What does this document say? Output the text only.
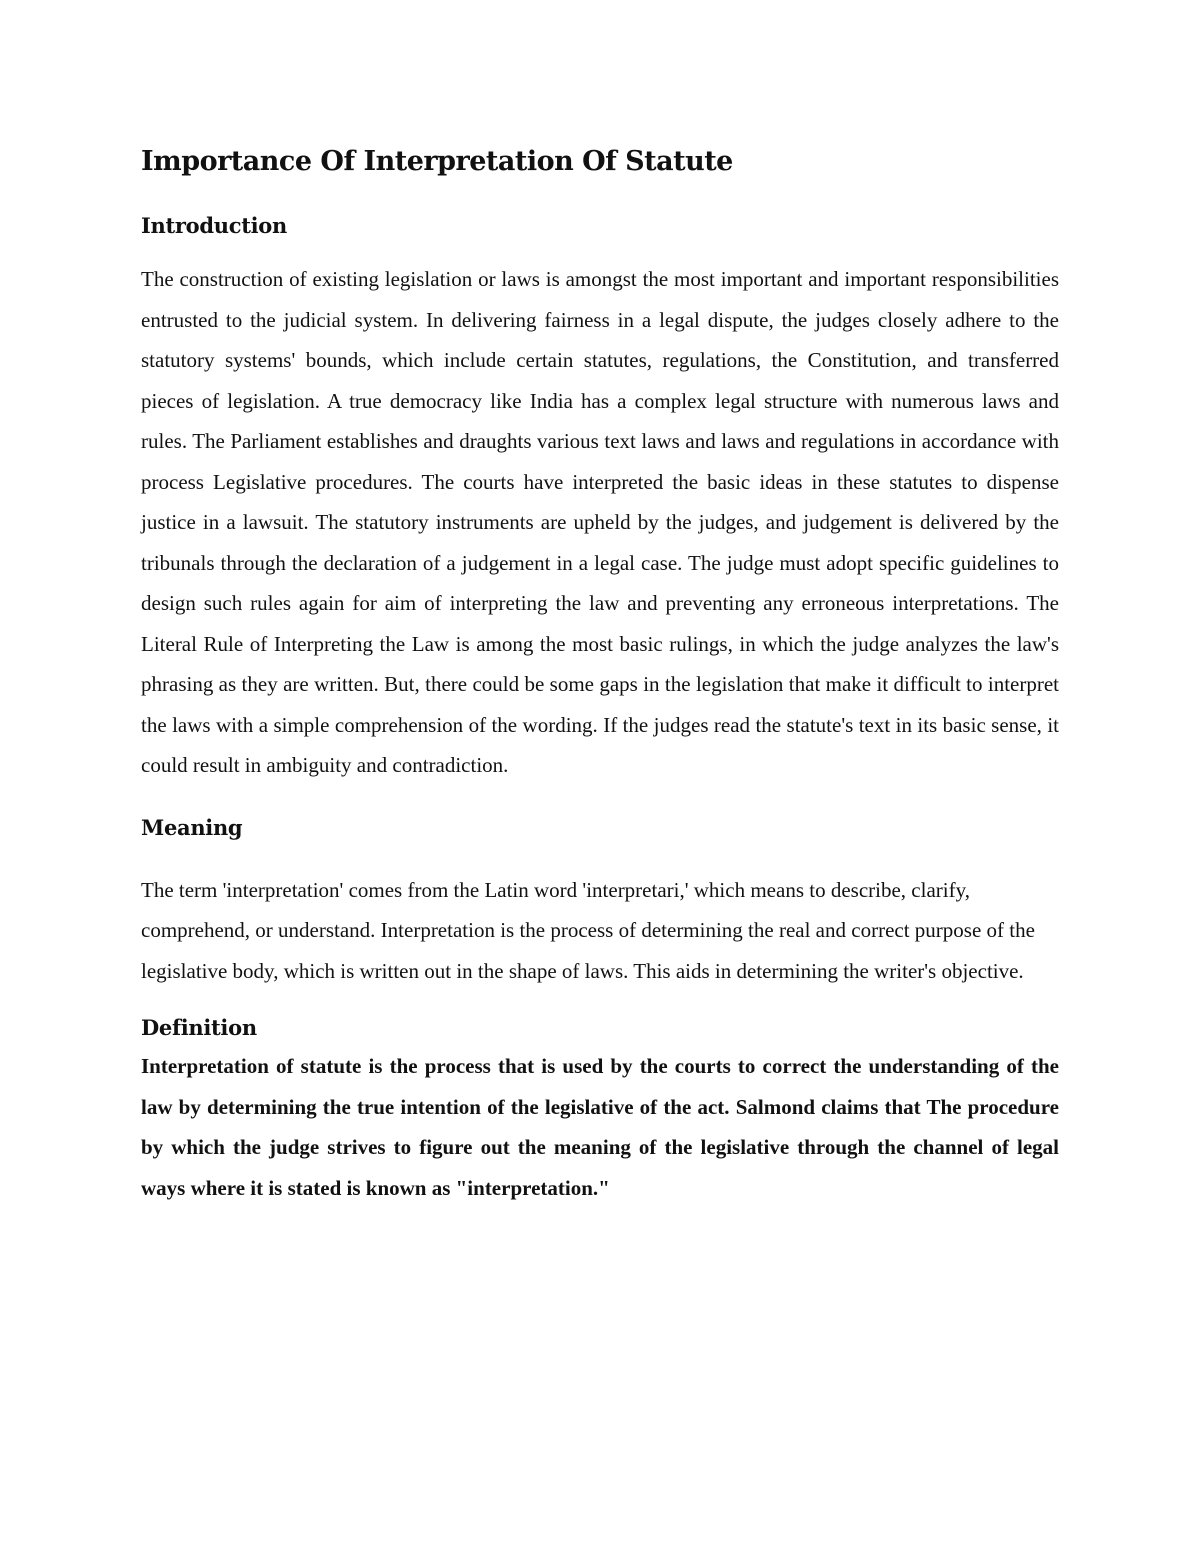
Importance Of Interpretation Of Statute
Introduction

The construction of existing legislation or laws is amongst the most important and important responsibilities entrusted to the judicial system. In delivering fairness in a legal dispute, the judges closely adhere to the statutory systems' bounds, which include certain statutes, regulations, the Constitution, and transferred pieces of legislation. A true democracy like India has a complex legal structure with numerous laws and rules. The Parliament establishes and draughts various text laws and laws and regulations in accordance with process Legislative procedures. The courts have interpreted the basic ideas in these statutes to dispense justice in a lawsuit. The statutory instruments are upheld by the judges, and judgement is delivered by the tribunals through the declaration of a judgement in a legal case. The judge must adopt specific guidelines to design such rules again for aim of interpreting the law and preventing any erroneous interpretations. The Literal Rule of Interpreting the Law is among the most basic rulings, in which the judge analyzes the law's phrasing as they are written. But, there could be some gaps in the legislation that make it difficult to interpret the laws with a simple comprehension of the wording. If the judges read the statute's text in its basic sense, it could result in ambiguity and contradiction.

Meaning

The term 'interpretation' comes from the Latin word 'interpretari,' which means to describe, clarify, comprehend, or understand. Interpretation is the process of determining the real and correct purpose of the legislative body, which is written out in the shape of laws. This aids in determining the writer's objective.

Definition

Interpretation of statute is the process that is used by the courts to correct the understanding of the law by determining the true intention of the legislative of the act. Salmond claims that The procedure by which the judge strives to figure out the meaning of the legislative through the channel of legal ways where it is stated is known as "interpretation."
